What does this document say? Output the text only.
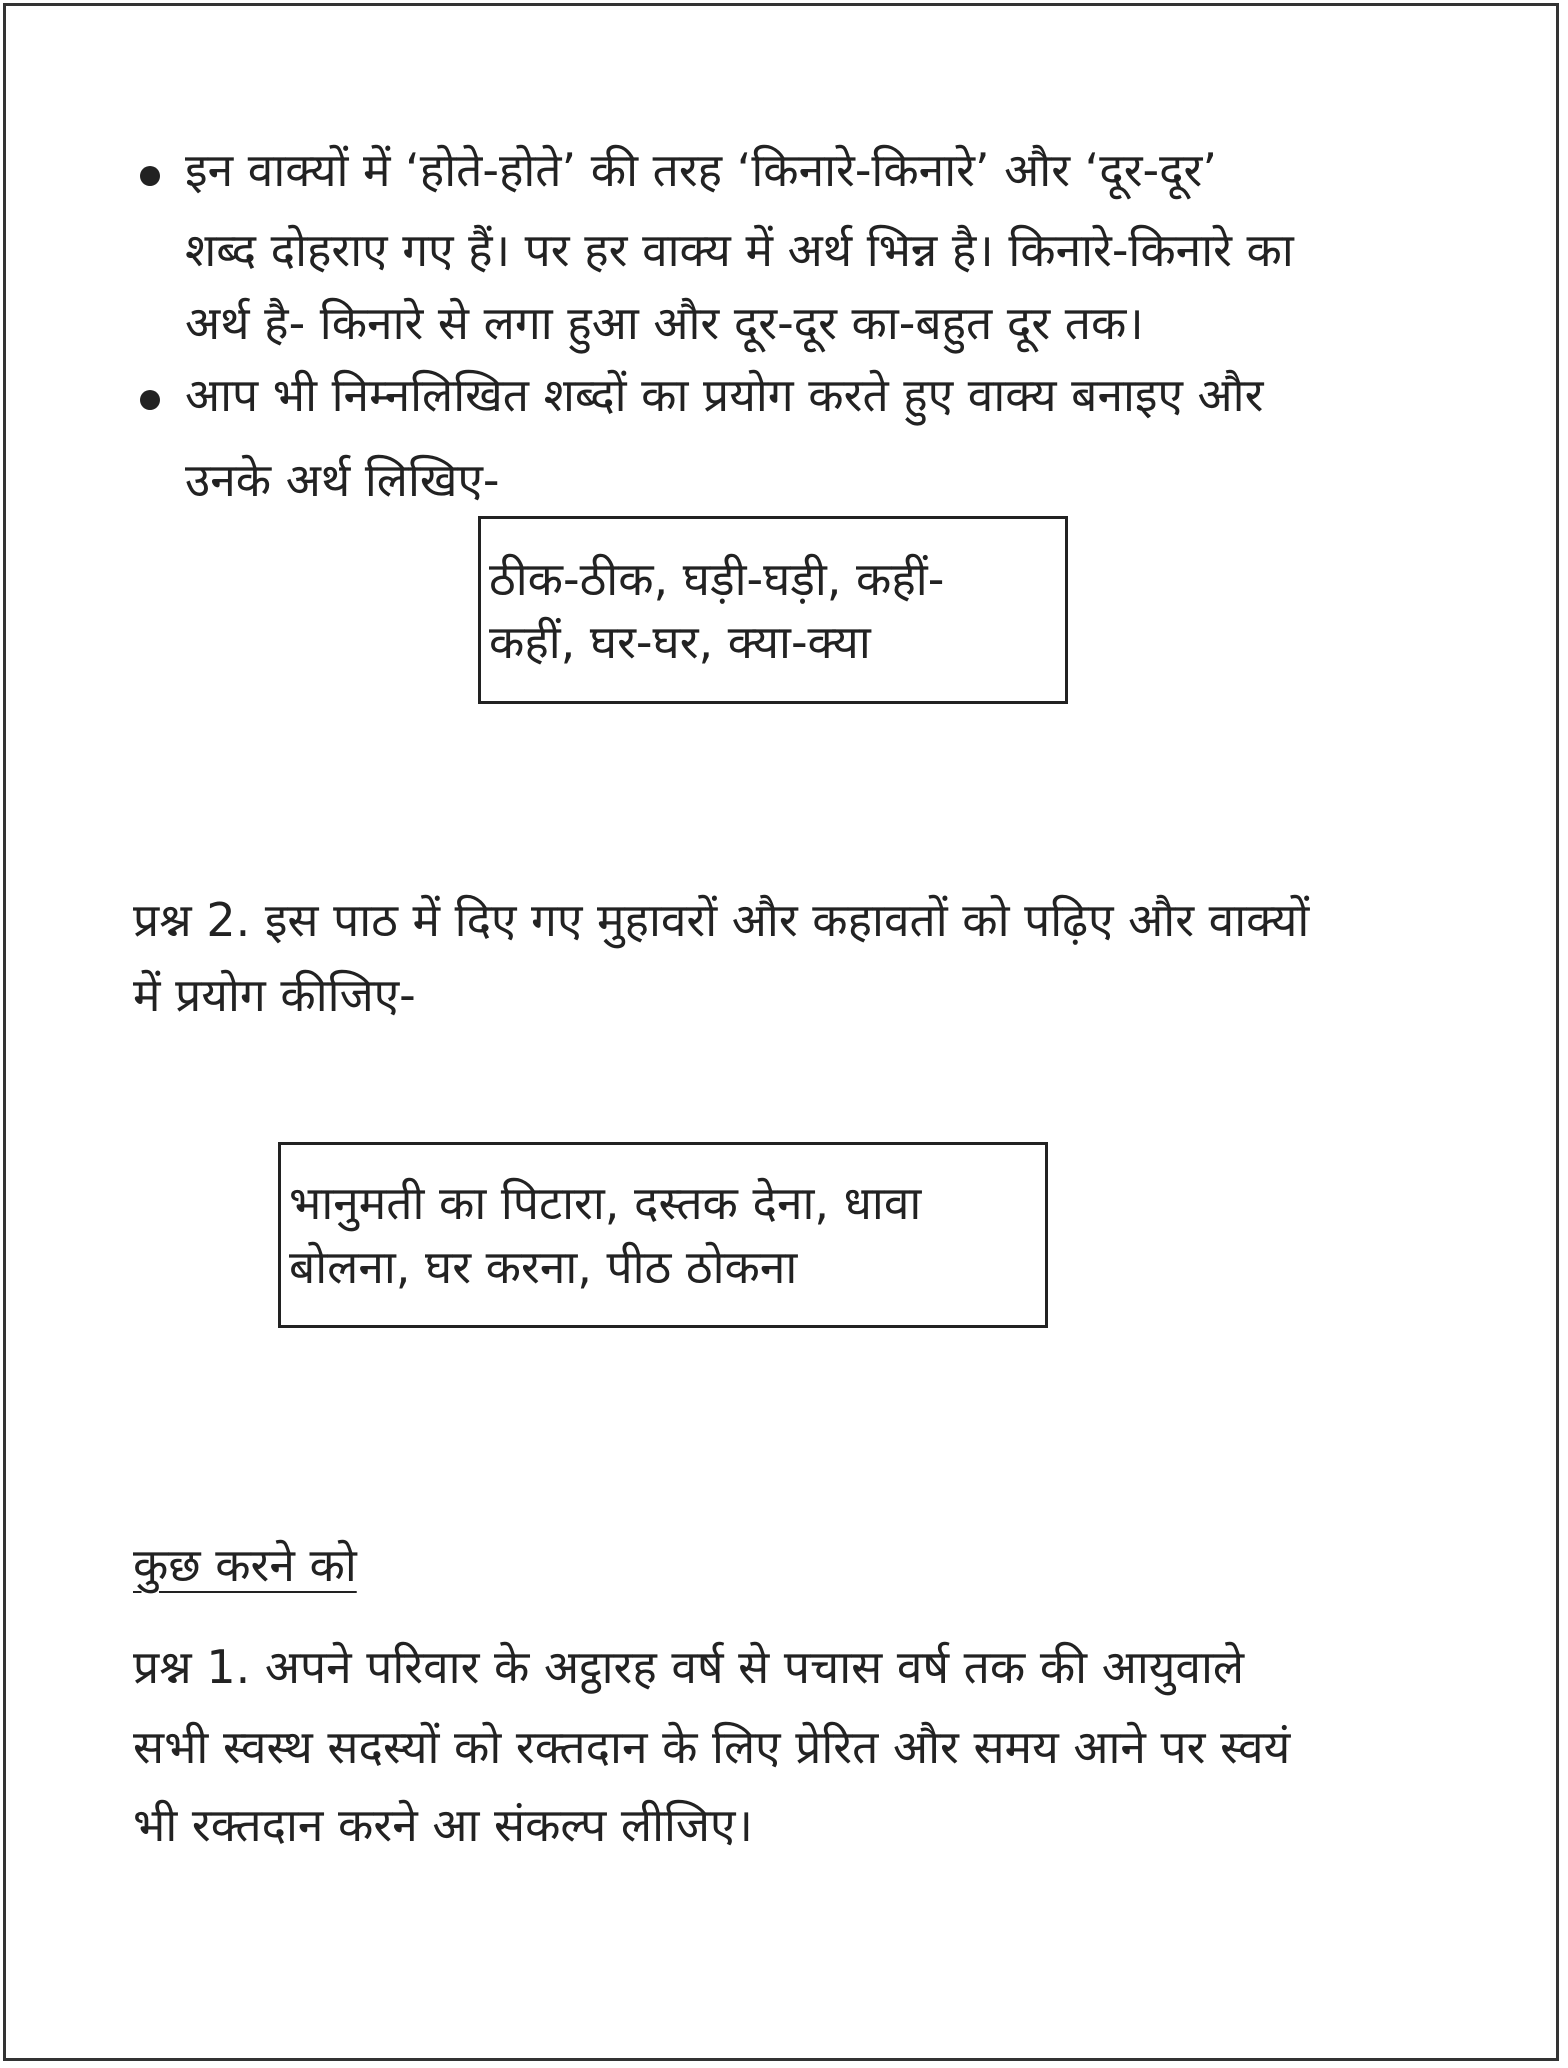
इन वाक्यों में ‘होते-होते’ की तरह ‘किनारे-किनारे’ और ‘दूर-दूर’
शब्द दोहराए गए हैं। पर हर वाक्य में अर्थ भिन्न है। किनारे-किनारे का
अर्थ है- किनारे से लगा हुआ और दूर-दूर का-बहुत दूर तक।
आप भी निम्नलिखित शब्दों का प्रयोग करते हुए वाक्य बनाइए और
उनके अर्थ लिखिए-
ठीक-ठीक, घड़ी-घड़ी, कहीं-
कहीं, घर-घर, क्या-क्या
प्रश्न 2. इस पाठ में दिए गए मुहावरों और कहावतों को पढ़िए और वाक्यों
में प्रयोग कीजिए-
भानुमती का पिटारा, दस्तक देना, धावा
बोलना, घर करना, पीठ ठोकना
कुछ करने को
प्रश्न 1. अपने परिवार के अट्ठारह वर्ष से पचास वर्ष तक की आयुवाले
सभी स्वस्थ सदस्यों को रक्तदान के लिए प्रेरित और समय आने पर स्वयं
भी रक्तदान करने आ संकल्प लीजिए।
